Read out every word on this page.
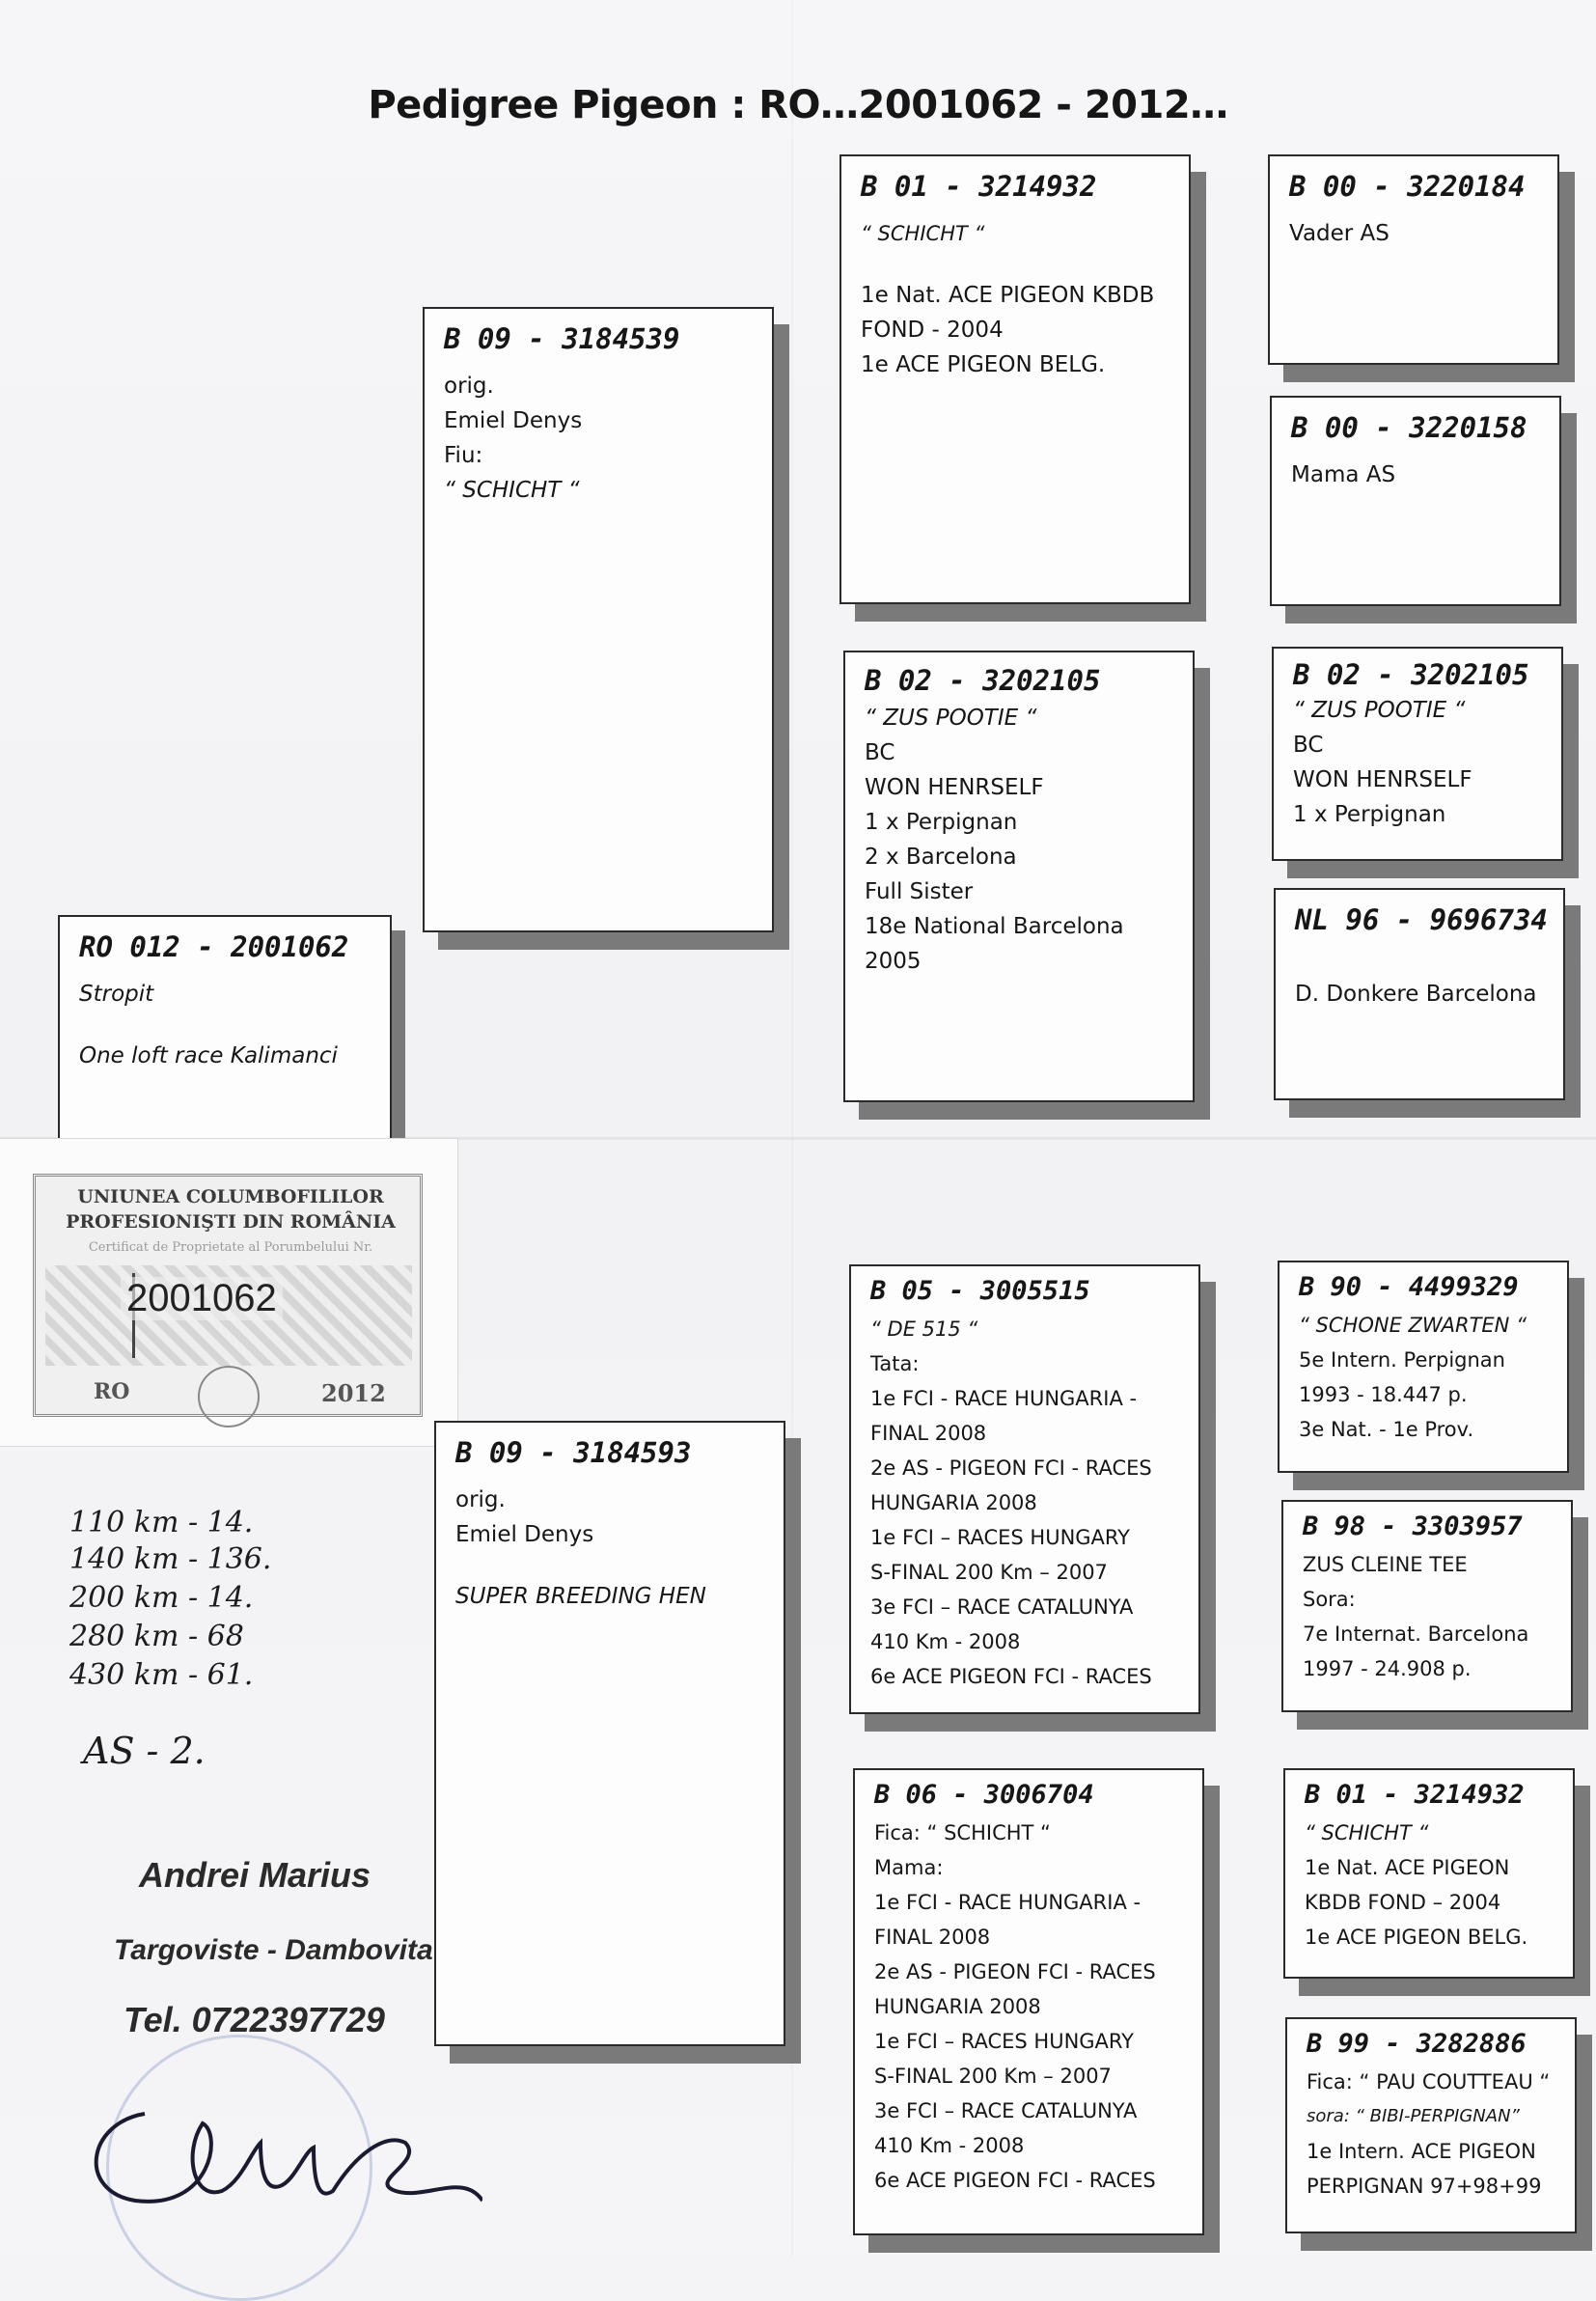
Pedigree Pigeon : RO…2001062 - 2012…
RO 012 - 2001062
Stropit
One loft race Kalimanci
UNIUNEA COLUMBOFILILOR
PROFESIONIŞTI DIN ROMÂNIA
Certificat de Proprietate al Porumbelului Nr.
2001062
RO	2012
110 km - 14.
140 km - 136.
200 km - 14.
280 km - 68
430 km - 61.
AS - 2.
Andrei Marius
Targoviste - Dambovita
Tel. 0722397729
B 09 - 3184539
orig.
Emiel Denys
Fiu:
“ SCHICHT “
B 09 - 3184593
orig.
Emiel Denys
SUPER BREEDING HEN
B 01 - 3214932
“ SCHICHT “
1e Nat. ACE PIGEON KBDB
FOND - 2004
1e ACE PIGEON BELG.
B 02 - 3202105
“ ZUS POOTIE “
BC
WON HENRSELF
1 x Perpignan
2 x Barcelona
Full Sister
18e National Barcelona
2005
B 05 - 3005515
“ DE 515 “
Tata:
1e FCI - RACE HUNGARIA -
FINAL 2008
2e AS - PIGEON FCI - RACES
HUNGARIA 2008
1e FCI – RACES HUNGARY
S-FINAL 200 Km – 2007
3e FCI – RACE CATALUNYA
410 Km - 2008
6e ACE PIGEON FCI - RACES
B 06 - 3006704
Fica: “ SCHICHT “
Mama:
1e FCI - RACE HUNGARIA -
FINAL 2008
2e AS - PIGEON FCI - RACES
HUNGARIA 2008
1e FCI – RACES HUNGARY
S-FINAL 200 Km – 2007
3e FCI – RACE CATALUNYA
410 Km - 2008
6e ACE PIGEON FCI - RACES
B 00 - 3220184
Vader AS
B 00 - 3220158
Mama AS
B 02 - 3202105
“ ZUS POOTIE “
BC
WON HENRSELF
1 x Perpignan
NL 96 - 9696734
D. Donkere Barcelona
B 90 - 4499329
“ SCHONE ZWARTEN “
5e Intern. Perpignan
1993 - 18.447 p.
3e Nat. - 1e Prov.
B 98 - 3303957
ZUS CLEINE TEE
Sora:
7e Internat. Barcelona
1997 - 24.908 p.
B 01 - 3214932
“ SCHICHT “
1e Nat. ACE PIGEON
KBDB FOND – 2004
1e ACE PIGEON BELG.
B 99 - 3282886
Fica: “ PAU COUTTEAU “
sora: “ BIBI-PERPIGNAN”
1e Intern. ACE PIGEON
PERPIGNAN 97+98+99
